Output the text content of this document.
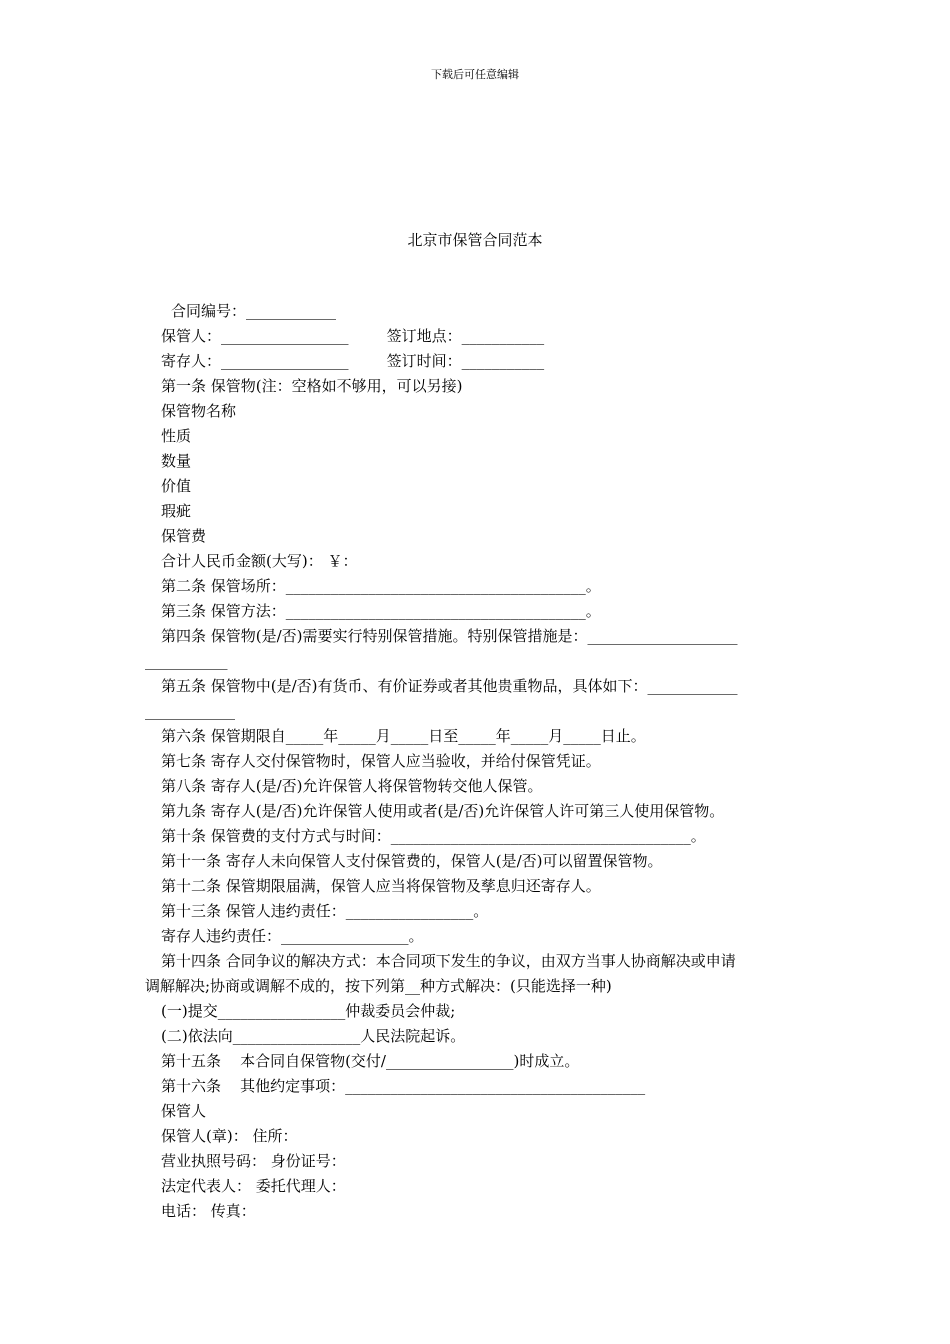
下载后可任意编辑
北京市保管合同范本
合同编号：____________
保管人：_________________        签订地点：___________
寄存人：_________________        签订时间：___________
第一条 保管物(注：空格如不够用，可以另接)
保管物名称
性质
数量
价值
瑕疵
保管费
合计人民币金额(大写)： ￥：
第二条 保管场所：________________________________________。
第三条 保管方法：________________________________________。
第四条 保管物(是/否)需要实行特别保管措施。特别保管措施是：____________________
___________
第五条 保管物中(是/否)有货币、有价证券或者其他贵重物品，具体如下：____________
____________
第六条 保管期限自_____年_____月_____日至_____年_____月_____日止。
第七条 寄存人交付保管物时，保管人应当验收，并给付保管凭证。
第八条 寄存人(是/否)允许保管人将保管物转交他人保管。
第九条 寄存人(是/否)允许保管人使用或者(是/否)允许保管人许可第三人使用保管物。
第十条 保管费的支付方式与时间：________________________________________。
第十一条 寄存人未向保管人支付保管费的，保管人(是/否)可以留置保管物。
第十二条 保管期限届满，保管人应当将保管物及孳息归还寄存人。
第十三条 保管人违约责任：_________________。
寄存人违约责任：_________________。
第十四条 合同争议的解决方式：本合同项下发生的争议，由双方当事人协商解决或申请
调解解决;协商或调解不成的，按下列第__种方式解决：(只能选择一种)
(一)提交_________________仲裁委员会仲裁;
(二)依法向_________________人民法院起诉。
第十五条    本合同自保管物(交付/_________________)时成立。
第十六条    其他约定事项：________________________________________
保管人
保管人(章)： 住所：
营业执照号码： 身份证号：
法定代表人： 委托代理人：
电话： 传真：
